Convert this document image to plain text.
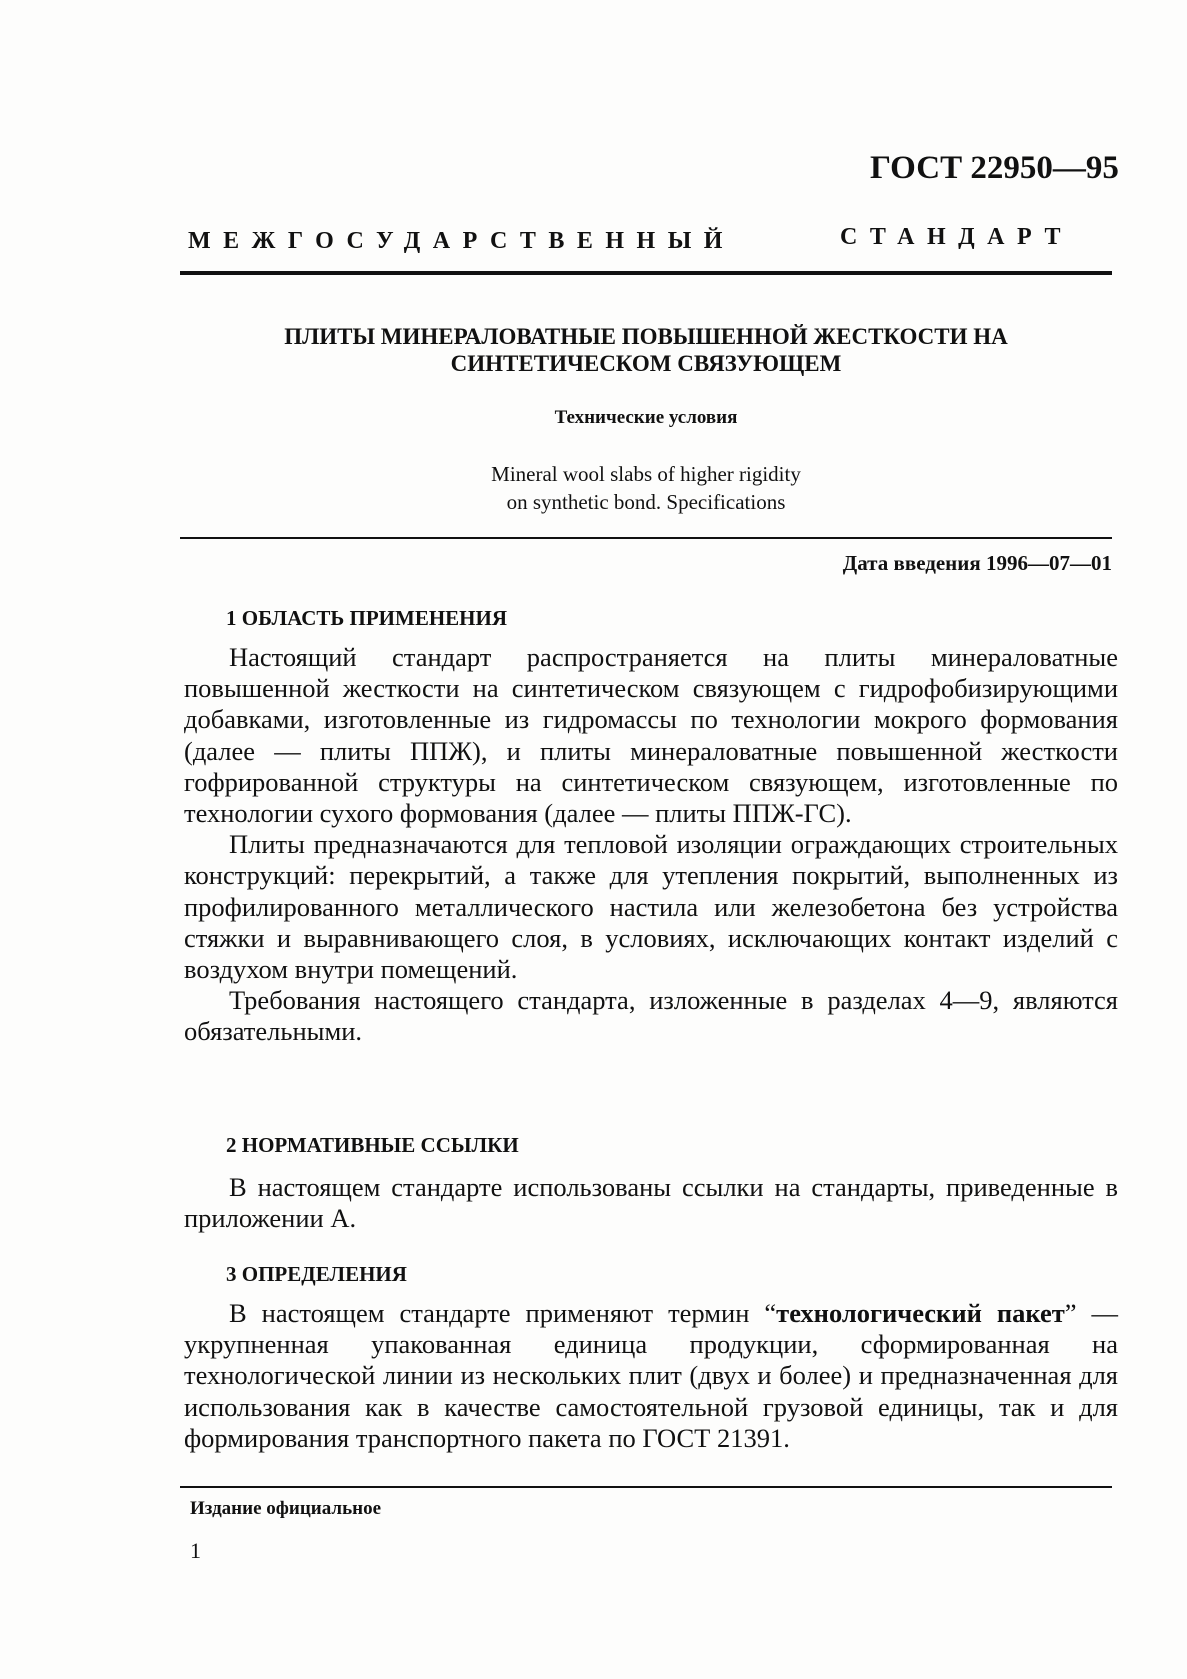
ГОСТ 22950—95
МЕЖГОСУДАРСТВЕННЫЙ	СТАНДАРТ
ПЛИТЫ МИНЕРАЛОВАТНЫЕ ПОВЫШЕННОЙ ЖЕСТКОСТИ НА
СИНТЕТИЧЕСКОМ СВЯЗУЮЩЕМ
Технические условия
Mineral wool slabs of higher rigidity
on synthetic bond. Specifications
Дата введения 1996—07—01
1 ОБЛАСТЬ ПРИМЕНЕНИЯ

Настоящий стандарт распространяется на плиты минераловатные повышенной жесткости на синтетическом связующем с гидрофобизирующими добавками, изготовленные из гидромассы по технологии мокрого формования (далее — плиты ППЖ), и плиты минераловатные повышенной жесткости гофрированной структуры на синтетическом связующем, изготовленные по технологии сухого формования (далее — плиты ППЖ-ГС).

Плиты предназначаются для тепловой изоляции ограждающих строительных конструкций: перекрытий, а также для утепления покрытий, выполненных из профилированного металлического настила или железобетона без устройства стяжки и выравнивающего слоя, в условиях, исключающих контакт изделий с воздухом внутри помещений.

Требования настоящего стандарта, изложенные в разделах 4—9, являются обязательными.

2 НОРМАТИВНЫЕ ССЫЛКИ

В настоящем стандарте использованы ссылки на стандарты, приведенные в приложении А.

3 ОПРЕДЕЛЕНИЯ

В настоящем стандарте применяют термин “технологический пакет” — укрупненная упакованная единица продукции, сформированная на технологической линии из нескольких плит (двух и более) и предназначенная для использования как в качестве самостоятельной грузовой единицы, так и для формирования транспортного пакета по ГОСТ 21391.

Издание официальное
1
